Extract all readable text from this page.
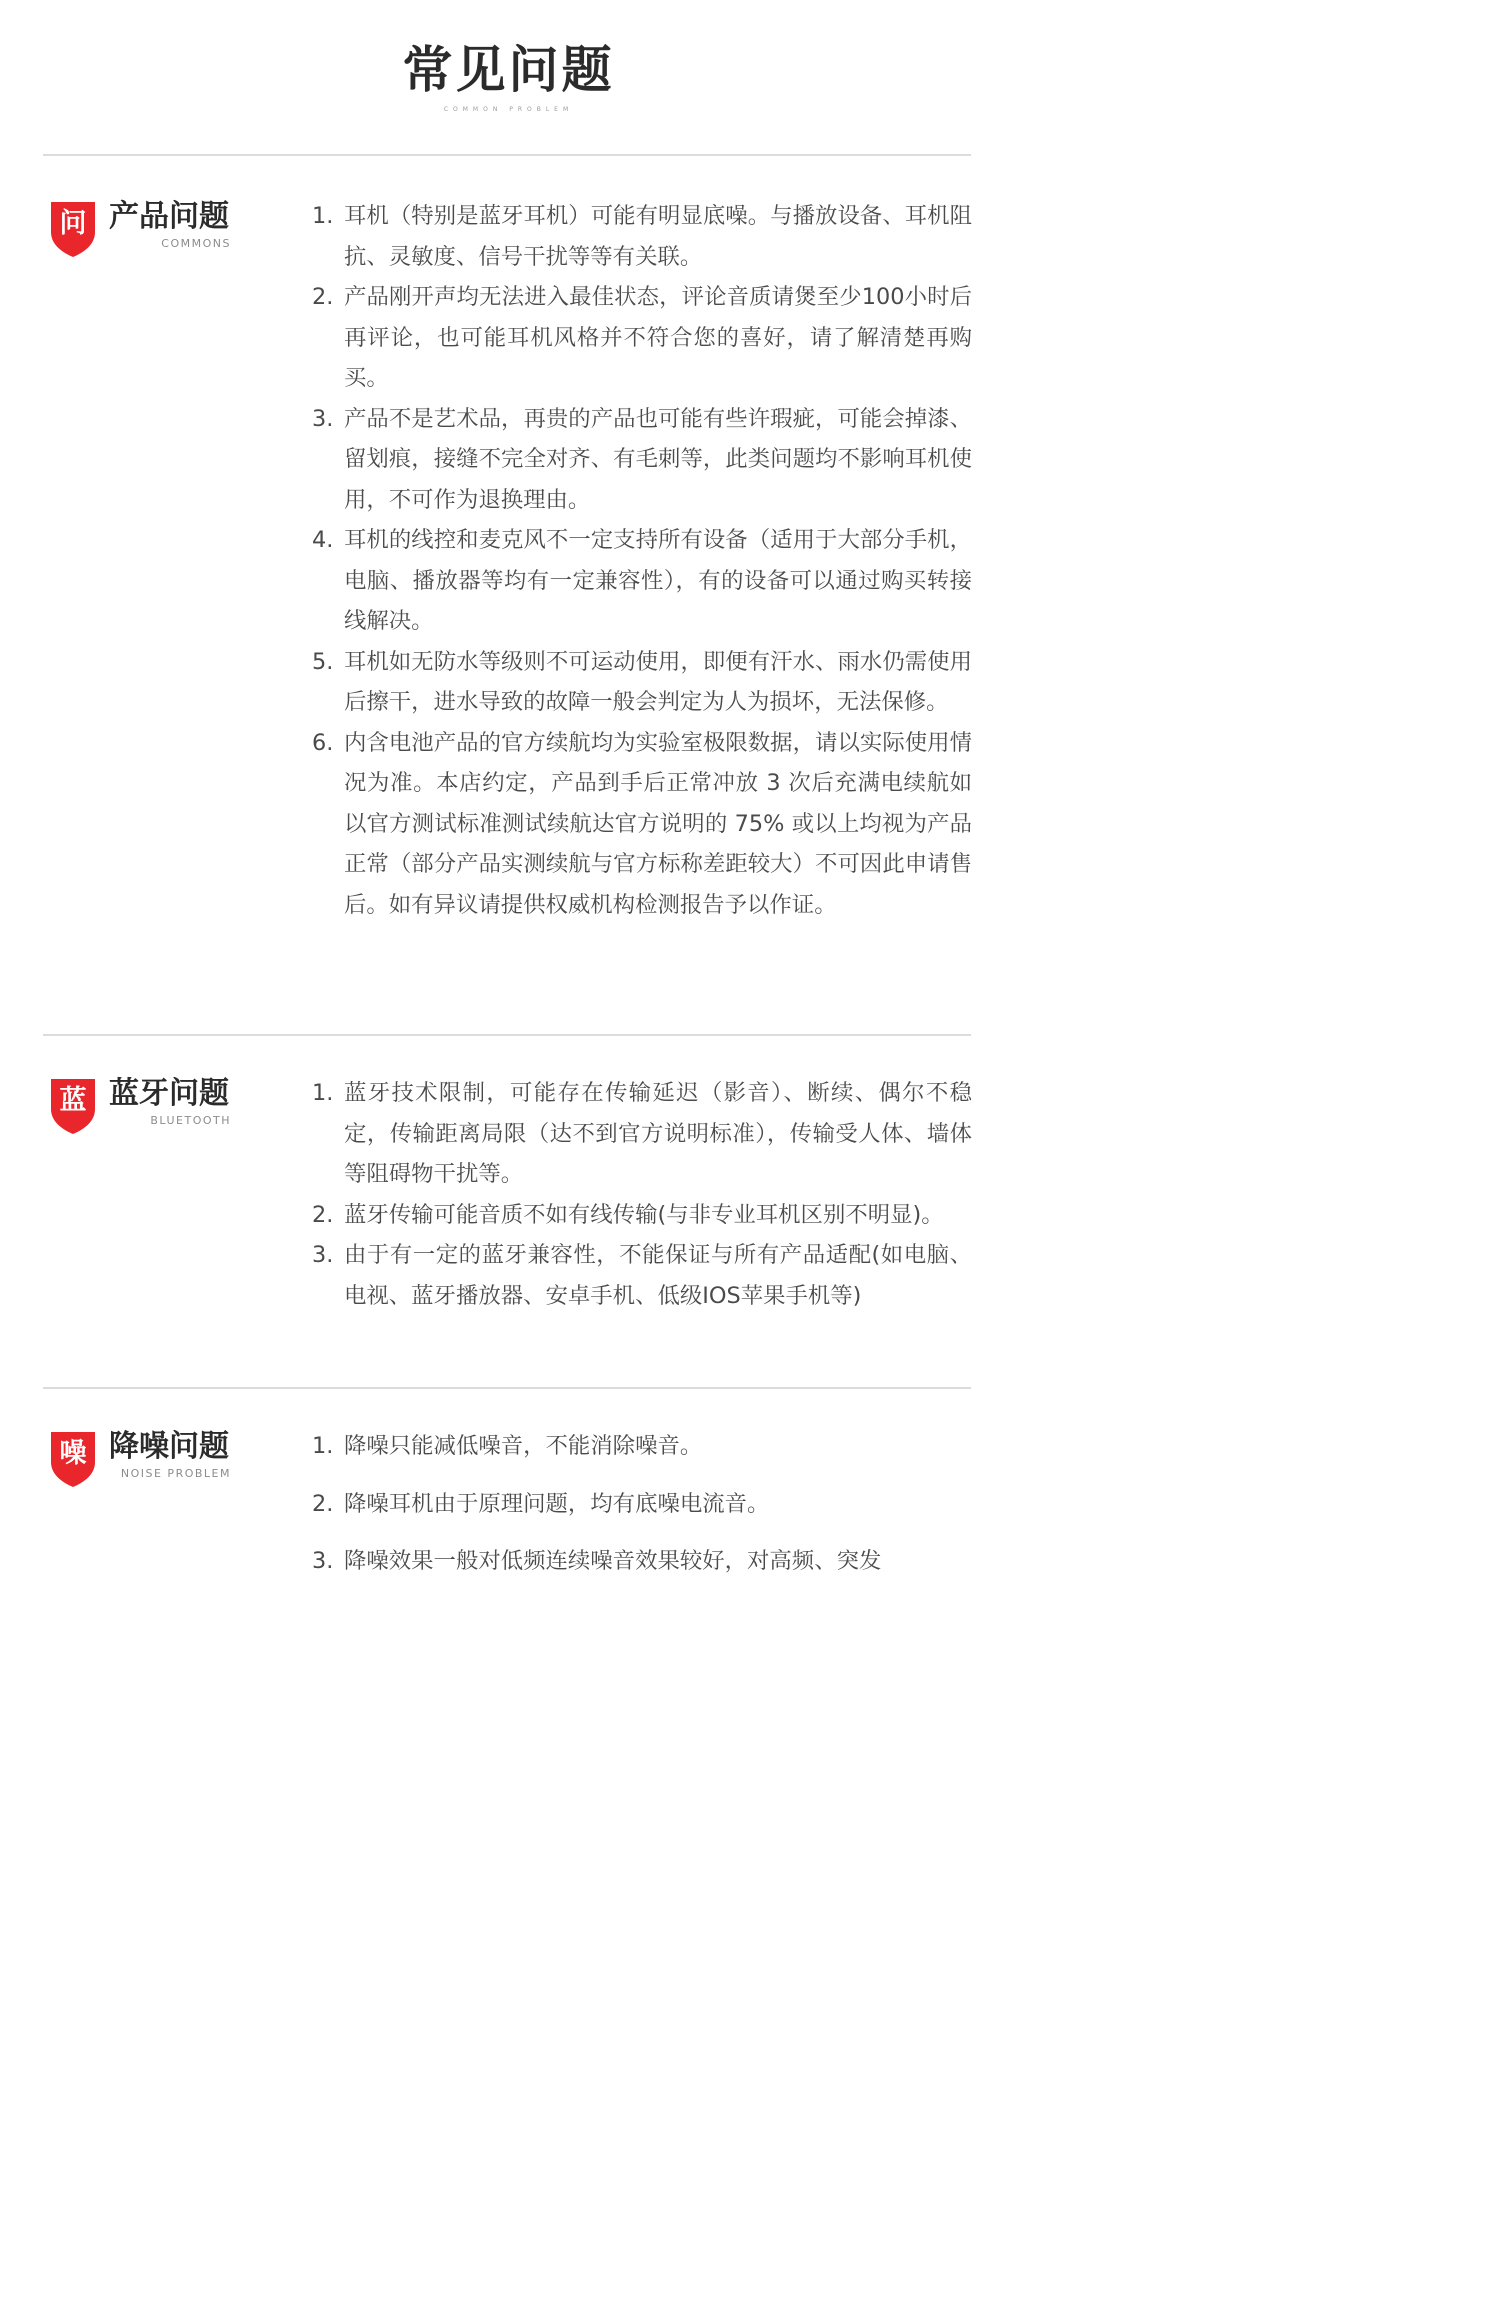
常见问题
COMMON PROBLEM
问 产品问题
COMMONS
1. 耳机（特别是蓝牙耳机）可能有明显底噪。与播放设备、耳机阻抗、灵敏度、信号干扰等等有关联。
2. 产品刚开声均无法进入最佳状态，评论音质请煲至少100小时后再评论，也可能耳机风格并不符合您的喜好，请了解清楚再购买。
3. 产品不是艺术品，再贵的产品也可能有些许瑕疵，可能会掉漆、留划痕，接缝不完全对齐、有毛刺等，此类问题均不影响耳机使用，不可作为退换理由。
4. 耳机的线控和麦克风不一定支持所有设备（适用于大部分手机，电脑、播放器等均有一定兼容性），有的设备可以通过购买转接线解决。
5. 耳机如无防水等级则不可运动使用，即便有汗水、雨水仍需使用后擦干，进水导致的故障一般会判定为人为损坏，无法保修。
6. 内含电池产品的官方续航均为实验室极限数据，请以实际使用情况为准。本店约定，产品到手后正常冲放 3 次后充满电续航如以官方测试标准测试续航达官方说明的 75% 或以上均视为产品正常（部分产品实测续航与官方标称差距较大）不可因此申请售后。如有异议请提供权威机构检测报告予以作证。
蓝 蓝牙问题
BLUETOOTH
1. 蓝牙技术限制，可能存在传输延迟（影音）、断续、偶尔不稳定，传输距离局限（达不到官方说明标准），传输受人体、墙体等阻碍物干扰等。
2. 蓝牙传输可能音质不如有线传输(与非专业耳机区别不明显)。
3. 由于有一定的蓝牙兼容性，不能保证与所有产品适配(如电脑、电视、蓝牙播放器、安卓手机、低级IOS苹果手机等)
噪 降噪问题
NOISE PROBLEM
1. 降噪只能减低噪音，不能消除噪音。
2. 降噪耳机由于原理问题，均有底噪电流音。
3. 降噪效果一般对低频连续噪音效果较好，对高频、突发
